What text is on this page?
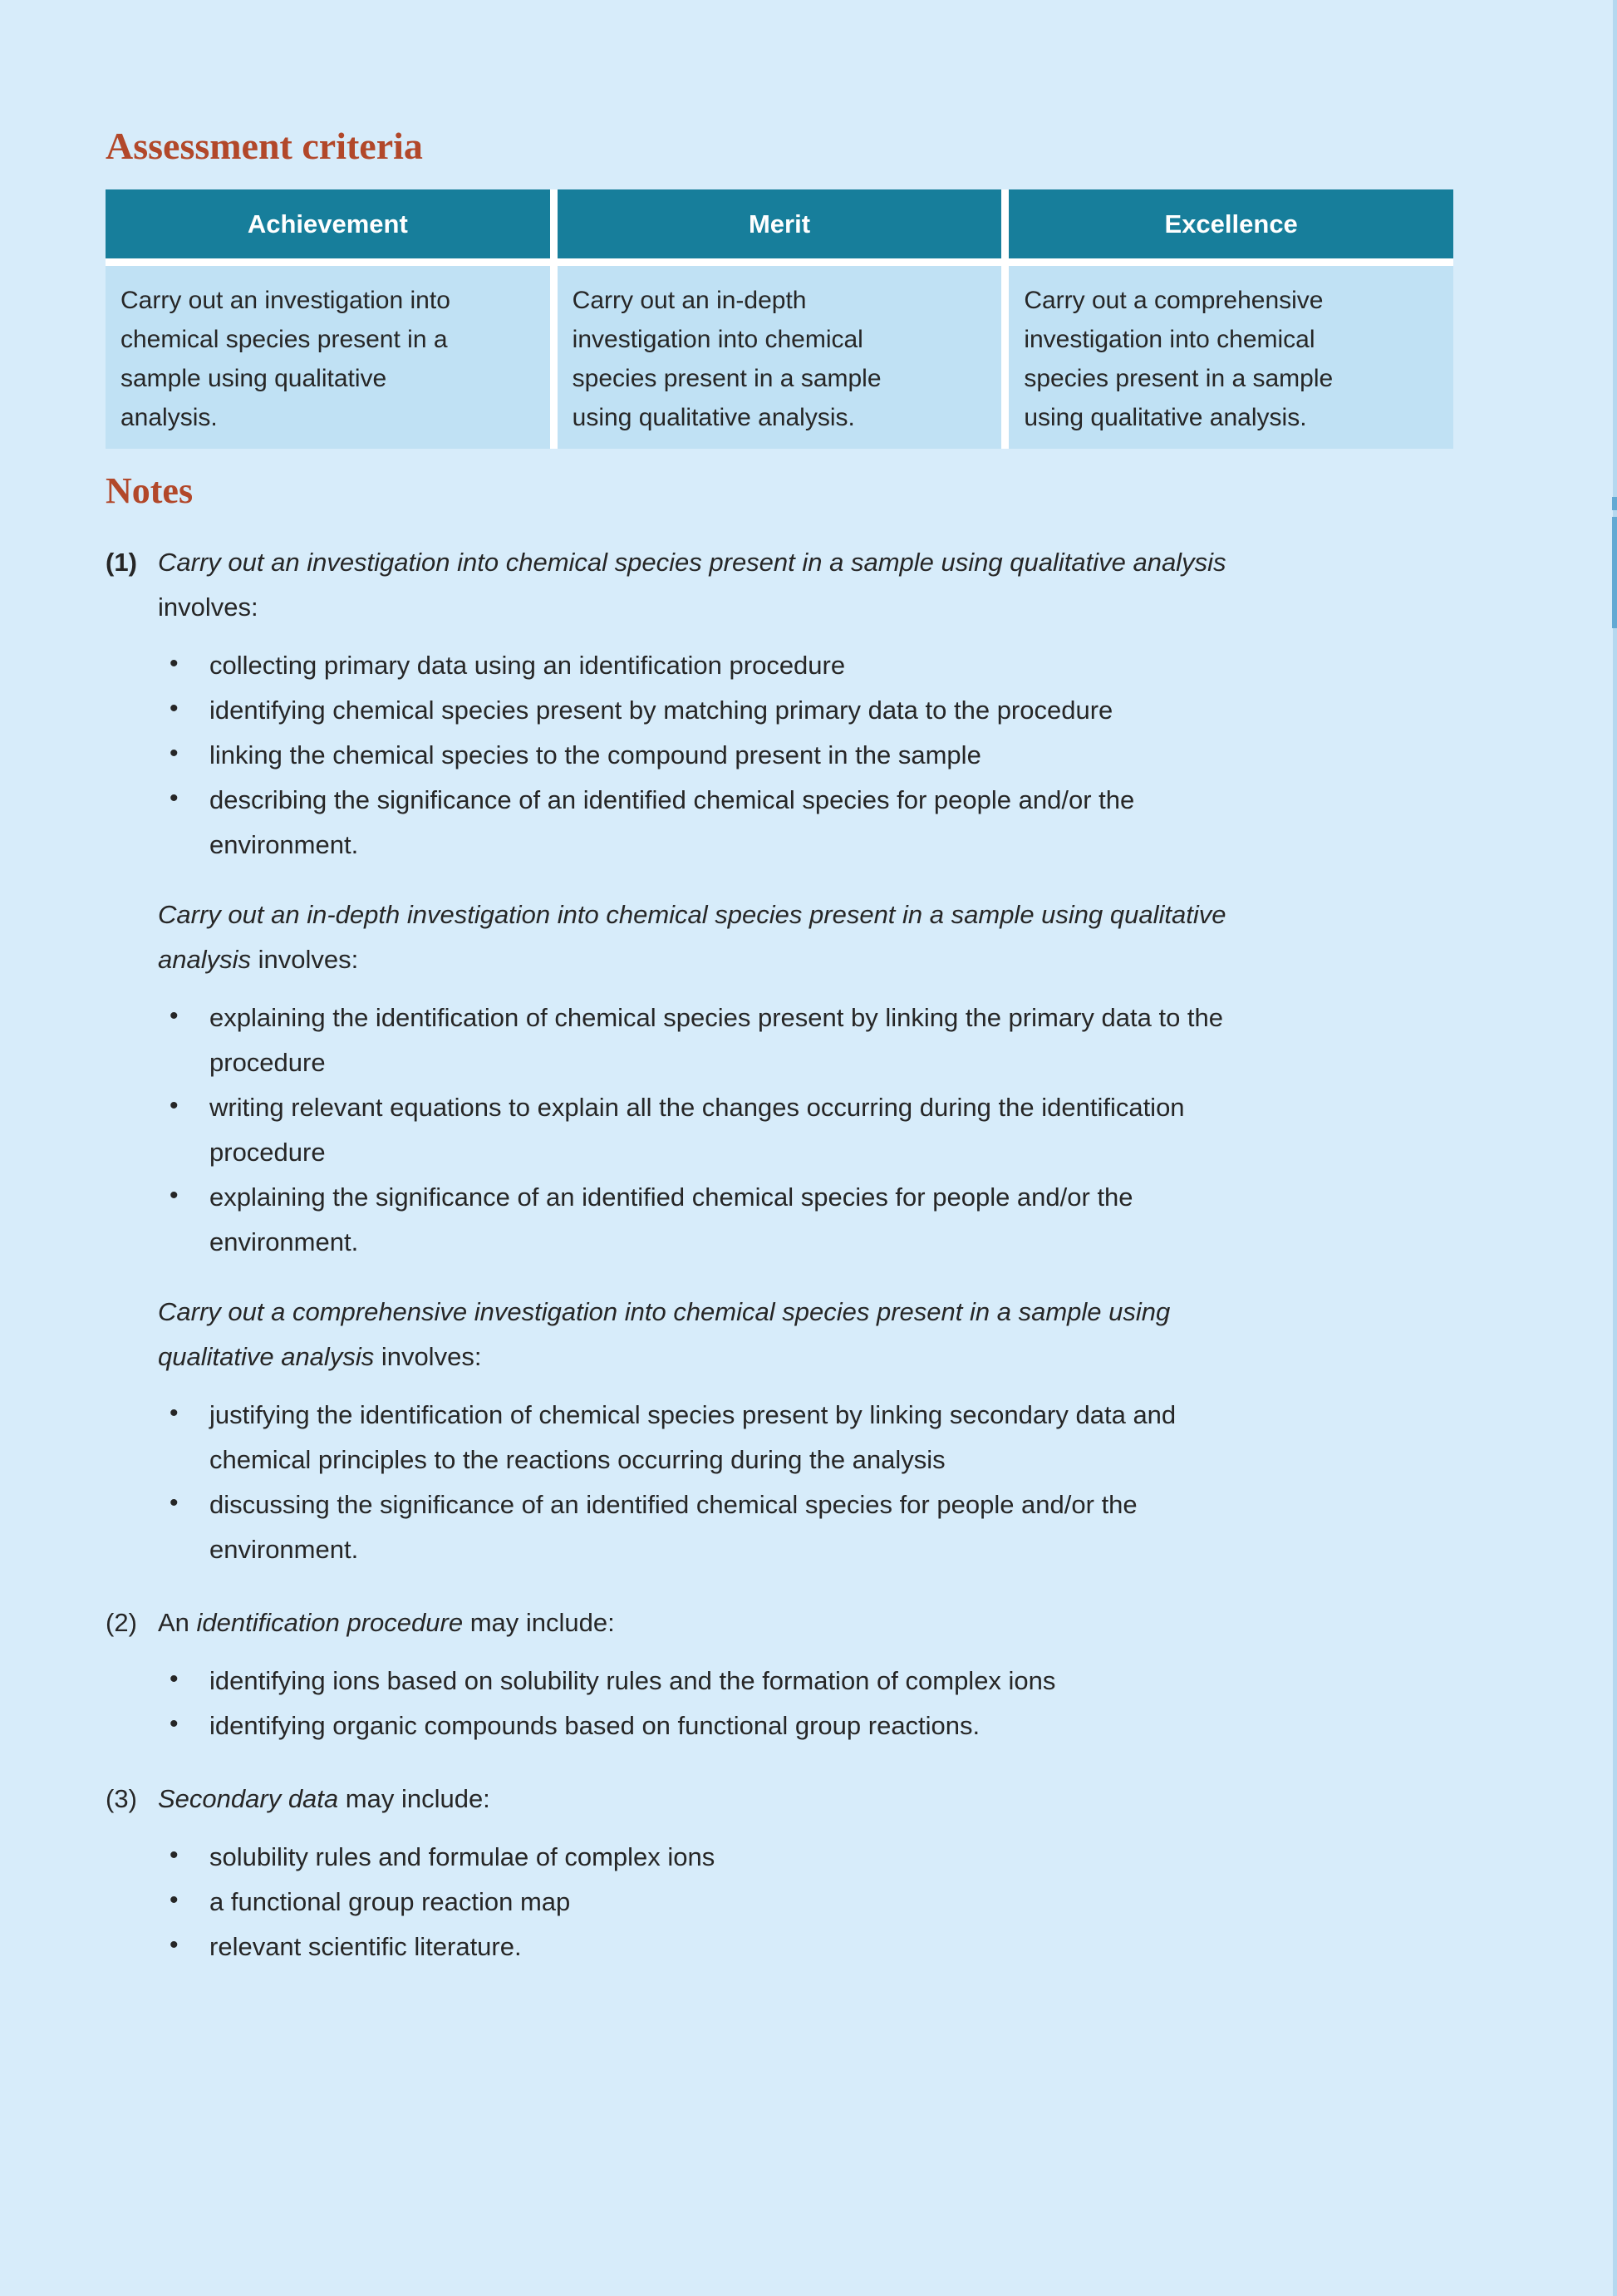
Assessment criteria
Achievement	Merit	Excellence
Carry out an investigation into chemical species present in a sample using qualitative analysis.
Carry out an in-depth investigation into chemical species present in a sample using qualitative analysis.
Carry out a comprehensive investigation into chemical species present in a sample using qualitative analysis.
Notes
(1) Carry out an investigation into chemical species present in a sample using qualitative analysis involves:

• collecting primary data using an identification procedure
• identifying chemical species present by matching primary data to the procedure
• linking the chemical species to the compound present in the sample
• describing the significance of an identified chemical species for people and/or the environment.

Carry out an in-depth investigation into chemical species present in a sample using qualitative analysis involves:

• explaining the identification of chemical species present by linking the primary data to the procedure
• writing relevant equations to explain all the changes occurring during the identification procedure
• explaining the significance of an identified chemical species for people and/or the environment.

Carry out a comprehensive investigation into chemical species present in a sample using qualitative analysis involves:

• justifying the identification of chemical species present by linking secondary data and chemical principles to the reactions occurring during the analysis
• discussing the significance of an identified chemical species for people and/or the environment.
(2) An identification procedure may include:

• identifying ions based on solubility rules and the formation of complex ions
• identifying organic compounds based on functional group reactions.
(3) Secondary data may include:

• solubility rules and formulae of complex ions
• a functional group reaction map
• relevant scientific literature.
